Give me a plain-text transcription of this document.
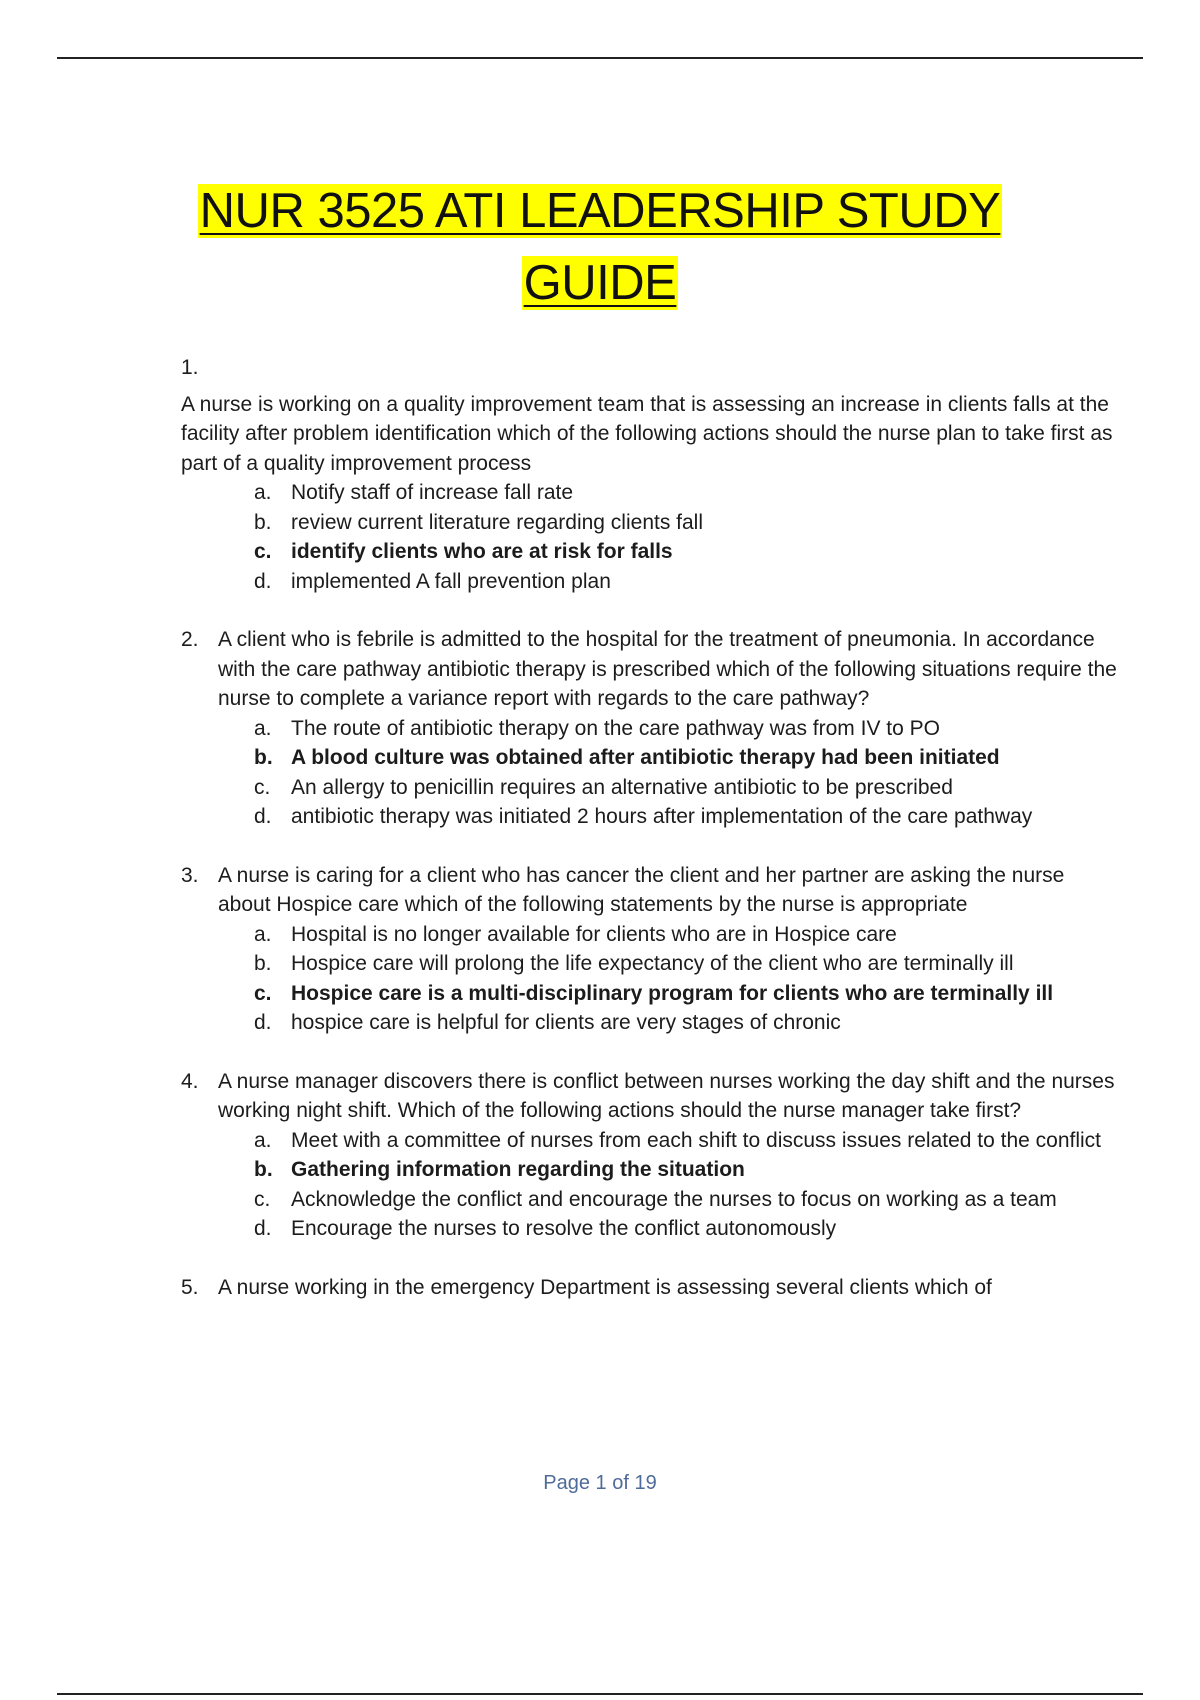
NUR 3525 ATI LEADERSHIP STUDY
GUIDE
1.
A nurse is working on a quality improvement team that is assessing an increase in clients falls at the facility after problem identification which of the following actions should the nurse plan to take first as part of a quality improvement process
a. Notify staff of increase fall rate
b. review current literature regarding clients fall
c. identify clients who are at risk for falls
d. implemented A fall prevention plan
2. A client who is febrile is admitted to the hospital for the treatment of pneumonia. In accordance with the care pathway antibiotic therapy is prescribed which of the following situations require the nurse to complete a variance report with regards to the care pathway?
a. The route of antibiotic therapy on the care pathway was from IV to PO
b. A blood culture was obtained after antibiotic therapy had been initiated
c. An allergy to penicillin requires an alternative antibiotic to be prescribed
d. antibiotic therapy was initiated 2 hours after implementation of the care pathway
3. A nurse is caring for a client who has cancer the client and her partner are asking the nurse about Hospice care which of the following statements by the nurse is appropriate
a. Hospital is no longer available for clients who are in Hospice care
b. Hospice care will prolong the life expectancy of the client who are terminally ill
c. Hospice care is a multi-disciplinary program for clients who are terminally ill
d. hospice care is helpful for clients are very stages of chronic
4. A nurse manager discovers there is conflict between nurses working the day shift and the nurses working night shift. Which of the following actions should the nurse manager take first?
a. Meet with a committee of nurses from each shift to discuss issues related to the conflict
b. Gathering information regarding the situation
c. Acknowledge the conflict and encourage the nurses to focus on working as a team
d. Encourage the nurses to resolve the conflict autonomously
5. A nurse working in the emergency Department is assessing several clients which of
Page 1 of 19
